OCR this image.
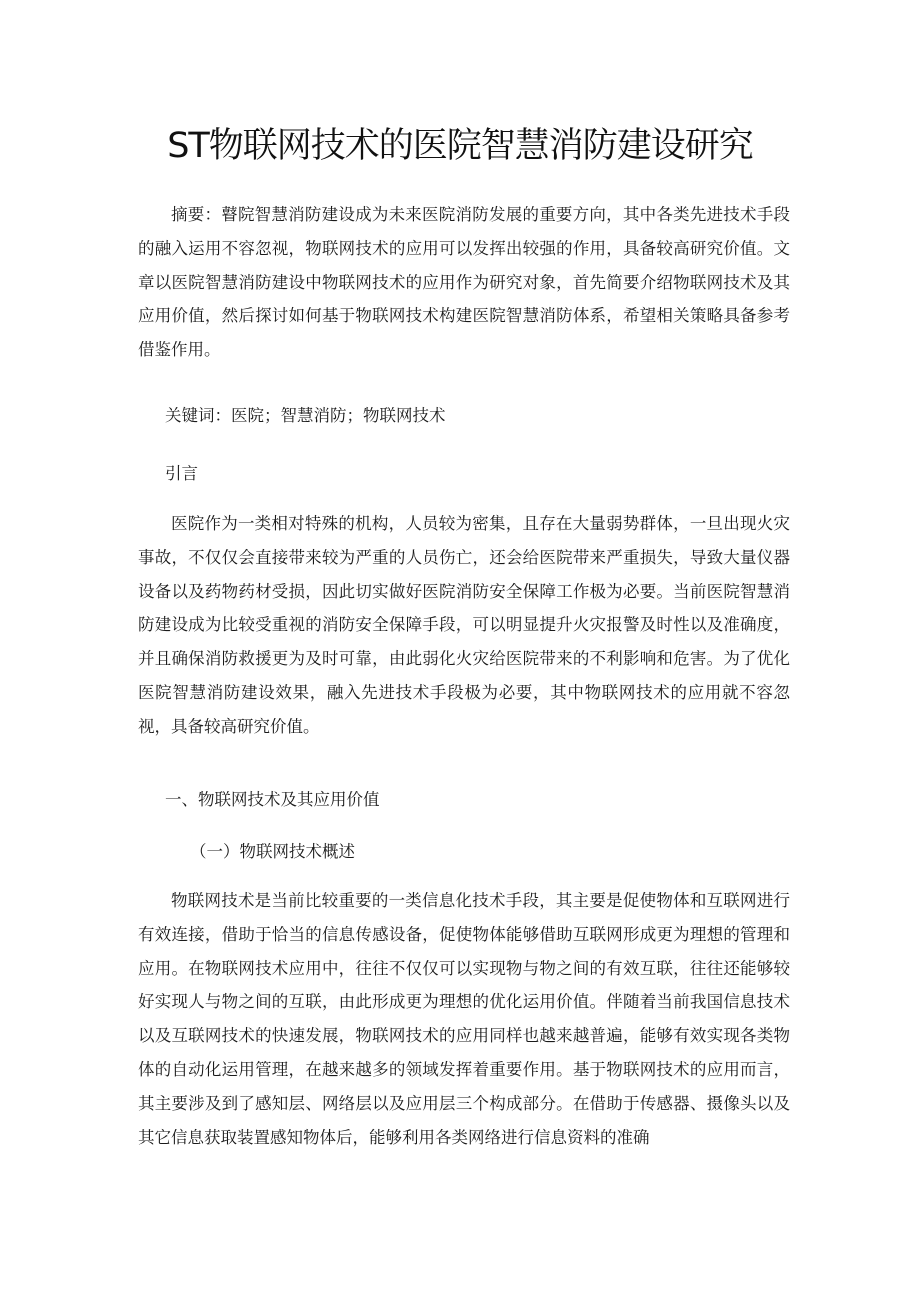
ST物联网技术的医院智慧消防建设研究

摘要：瞽院智慧消防建设成为未来医院消防发展的重要方向，其中各类先进技术手段的融入运用不容忽视，物联网技术的应用可以发挥出较强的作用，具备较高研究价值。文章以医院智慧消防建设中物联网技术的应用作为研究对象，首先简要介绍物联网技术及其应用价值，然后探讨如何基于物联网技术构建医院智慧消防体系，希望相关策略具备参考借鉴作用。

关键词：医院；智慧消防；物联网技术
引言

医院作为一类相对特殊的机构，人员较为密集，且存在大量弱势群体，一旦出现火灾事故，不仅仅会直接带来较为严重的人员伤亡，还会给医院带来严重损失，导致大量仪器设备以及药物药材受损，因此切实做好医院消防安全保障工作极为必要。当前医院智慧消防建设成为比较受重视的消防安全保障手段，可以明显提升火灾报警及时性以及准确度，并且确保消防救援更为及时可靠，由此弱化火灾给医院带来的不利影响和危害。为了优化医院智慧消防建设效果，融入先进技术手段极为必要，其中物联网技术的应用就不容忽视，具备较高研究价值。

一、物联网技术及其应用价值
（一）物联网技术概述

物联网技术是当前比较重要的一类信息化技术手段，其主要是促使物体和互联网进行有效连接，借助于恰当的信息传感设备，促使物体能够借助互联网形成更为理想的管理和应用。在物联网技术应用中，往往不仅仅可以实现物与物之间的有效互联，往往还能够较好实现人与物之间的互联，由此形成更为理想的优化运用价值。伴随着当前我国信息技术以及互联网技术的快速发展，物联网技术的应用同样也越来越普遍，能够有效实现各类物体的自动化运用管理，在越来越多的领域发挥着重要作用。基于物联网技术的应用而言，其主要涉及到了感知层、网络层以及应用层三个构成部分。在借助于传感器、摄像头以及其它信息获取装置感知物体后，能够利用各类网络进行信息资料的准确
